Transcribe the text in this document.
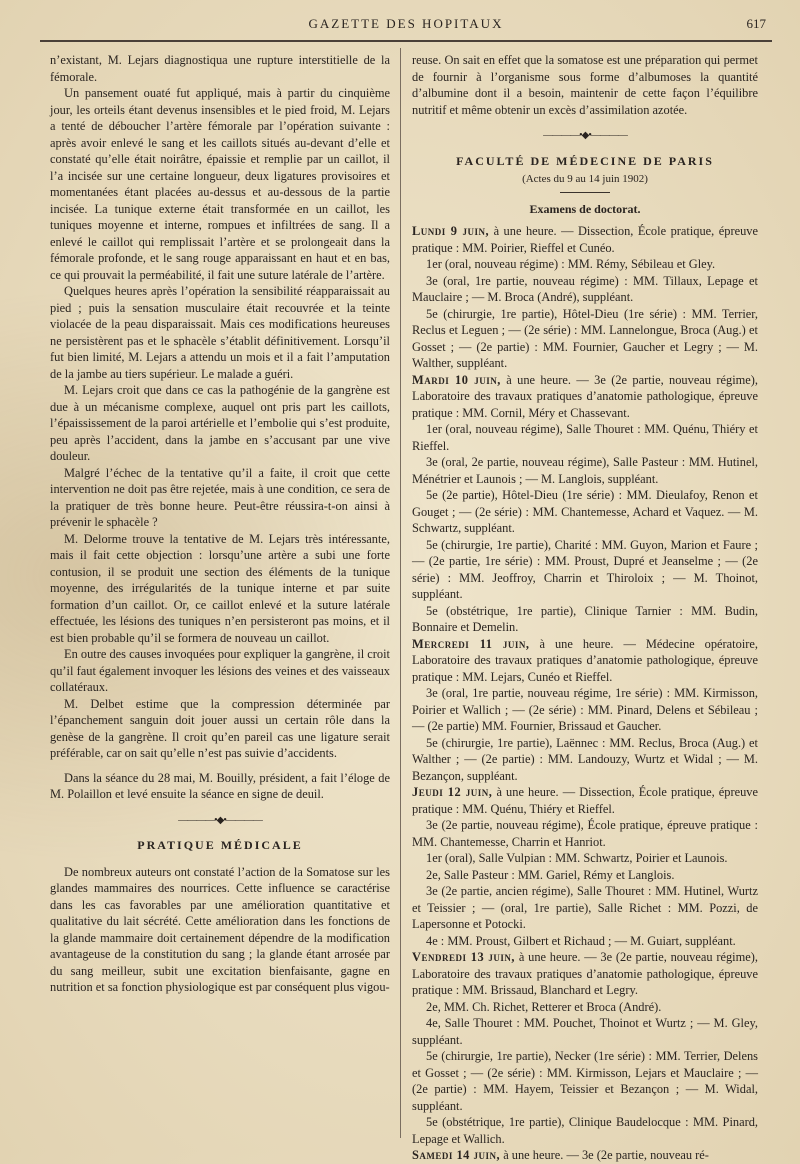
GAZETTE DES HOPITAUX	617

n’existant, M. Lejars diagnostiqua une rupture interstitielle de la fémorale.

Un pansement ouaté fut appliqué, mais à partir du cinquième jour, les orteils étant devenus insensibles et le pied froid, M. Lejars a tenté de déboucher l’artère fémorale par l’opération suivante : après avoir enlevé le sang et les caillots situés au-devant d’elle et constaté qu’elle était noirâtre, épaissie et remplie par un caillot, il l’a incisée sur une certaine longueur, deux ligatures provisoires et momentanées étant placées au-dessus et au-dessous de la partie incisée. La tunique externe était transformée en un caillot, les tuniques moyenne et interne, rompues et infiltrées de sang. Il a enlevé le caillot qui remplissait l’artère et se prolongeait dans la fémorale profonde, et le sang rouge apparaissant en haut et en bas, ce qui prouvait la perméabilité, il fait une suture latérale de l’artère.

Quelques heures après l’opération la sensibilité réapparaissait au pied ; puis la sensation musculaire était recouvrée et la teinte violacée de la peau disparaissait. Mais ces modifications heureuses ne persistèrent pas et le sphacèle s’établit définitivement. Lorsqu’il fut bien limité, M. Lejars a attendu un mois et il a fait l’amputation de la jambe au tiers supérieur. Le malade a guéri.

M. Lejars croit que dans ce cas la pathogénie de la gangrène est due à un mécanisme complexe, auquel ont pris part les caillots, l’épaississement de la paroi artérielle et l’embolie qui s’est produite, peu après l’accident, dans la jambe en s’accusant par une vive douleur.

Malgré l’échec de la tentative qu’il a faite, il croit que cette intervention ne doit pas être rejetée, mais à une condition, ce sera de la pratiquer de très bonne heure. Peut-être réussira-t-on ainsi à prévenir le sphacèle ?

M. Delorme trouve la tentative de M. Lejars très intéressante, mais il fait cette objection : lorsqu’une artère a subi une forte contusion, il se produit une section des éléments de la tunique moyenne, des irrégularités de la tunique interne et par suite formation d’un caillot. Or, ce caillot enlevé et la suture latérale effectuée, les lésions des tuniques n’en persisteront pas moins, et il est bien probable qu’il se formera de nouveau un caillot.

En outre des causes invoquées pour expliquer la gangrène, il croit qu’il faut également invoquer les lésions des veines et des vaisseaux collatéraux.

M. Delbet estime que la compression déterminée par l’épanchement sanguin doit jouer aussi un certain rôle dans la genèse de la gangrène. Il croit qu’en pareil cas une ligature serait préférable, car on sait qu’elle n’est pas suivie d’accidents.

Dans la séance du 28 mai, M. Bouilly, président, a fait l’éloge de M. Polaillon et levé ensuite la séance en signe de deuil.

————•◆•————
PRATIQUE MÉDICALE

De nombreux auteurs ont constaté l’action de la Somatose sur les glandes mammaires des nourrices. Cette influence se caractérise dans les cas favorables par une amélioration quantitative et qualitative du lait sécrété. Cette amélioration dans les fonctions de la glande mammaire doit certainement dépendre de la modification avantageuse de la constitution du sang ; la glande étant arrosée par du sang meilleur, subit une excitation bienfaisante, gagne en nutrition et sa fonction physiologique est par conséquent plus vigou-

reuse. On sait en effet que la somatose est une préparation qui permet de fournir à l’organisme sous forme d’albumoses la quantité d’albumine dont il a besoin, maintenir de cette façon l’équilibre nutritif et même obtenir un excès d’assimilation azotée.

————•◆•————
FACULTÉ DE MÉDECINE DE PARIS
(Actes du 9 au 14 juin 1902)
Examens de doctorat.

Lundi 9 juin, à une heure. — Dissection, École pratique, épreuve pratique : MM. Poirier, Rieffel et Cunéo.

1er (oral, nouveau régime) : MM. Rémy, Sébileau et Gley.

3e (oral, 1re partie, nouveau régime) : MM. Tillaux, Lepage et Mauclaire ; — M. Broca (André), suppléant.

5e (chirurgie, 1re partie), Hôtel-Dieu (1re série) : MM. Terrier, Reclus et Leguen ; — (2e série) : MM. Lannelongue, Broca (Aug.) et Gosset ; — (2e partie) : MM. Fournier, Gaucher et Legry ; — M. Walther, suppléant.

Mardi 10 juin, à une heure. — 3e (2e partie, nouveau régime), Laboratoire des travaux pratiques d’anatomie pathologique, épreuve pratique : MM. Cornil, Méry et Chassevant.

1er (oral, nouveau régime), Salle Thouret : MM. Quénu, Thiéry et Rieffel.

3e (oral, 2e partie, nouveau régime), Salle Pasteur : MM. Hutinel, Ménétrier et Launois ; — M. Langlois, suppléant.

5e (2e partie), Hôtel-Dieu (1re série) : MM. Dieulafoy, Renon et Gouget ; — (2e série) : MM. Chantemesse, Achard et Vaquez. — M. Schwartz, suppléant.

5e (chirurgie, 1re partie), Charité : MM. Guyon, Marion et Faure ; — (2e partie, 1re série) : MM. Proust, Dupré et Jeanselme ; — (2e série) : MM. Jeoffroy, Charrin et Thiroloix ; — M. Thoinot, suppléant.

5e (obstétrique, 1re partie), Clinique Tarnier : MM. Budin, Bonnaire et Demelin.

Mercredi 11 juin, à une heure. — Médecine opératoire, Laboratoire des travaux pratiques d’anatomie pathologique, épreuve pratique : MM. Lejars, Cunéo et Rieffel.

3e (oral, 1re partie, nouveau régime, 1re série) : MM. Kirmisson, Poirier et Wallich ; — (2e série) : MM. Pinard, Delens et Sébileau ; — (2e partie) MM. Fournier, Brissaud et Gaucher.

5e (chirurgie, 1re partie), Laënnec : MM. Reclus, Broca (Aug.) et Walther ; — (2e partie) : MM. Landouzy, Wurtz et Widal ; — M. Bezançon, suppléant.

Jeudi 12 juin, à une heure. — Dissection, École pratique, épreuve pratique : MM. Quénu, Thiéry et Rieffel.

3e (2e partie, nouveau régime), École pratique, épreuve pratique : MM. Chantemesse, Charrin et Hanriot.

1er (oral), Salle Vulpian : MM. Schwartz, Poirier et Launois.

2e, Salle Pasteur : MM. Gariel, Rémy et Langlois.

3e (2e partie, ancien régime), Salle Thouret : MM. Hutinel, Wurtz et Teissier ; — (oral, 1re partie), Salle Richet : MM. Pozzi, de Lapersonne et Potocki.

4e : MM. Proust, Gilbert et Richaud ; — M. Guiart, suppléant.

Vendredi 13 juin, à une heure. — 3e (2e partie, nouveau régime), Laboratoire des travaux pratiques d’anatomie pathologique, épreuve pratique : MM. Brissaud, Blanchard et Legry.

2e, MM. Ch. Richet, Retterer et Broca (André).

4e, Salle Thouret : MM. Pouchet, Thoinot et Wurtz ; — M. Gley, suppléant.

5e (chirurgie, 1re partie), Necker (1re série) : MM. Terrier, Delens et Gosset ; — (2e série) : MM. Kirmisson, Lejars et Mauclaire ; — (2e partie) : MM. Hayem, Teissier et Bezançon ; — M. Widal, suppléant.

5e (obstétrique, 1re partie), Clinique Baudelocque : MM. Pinard, Lepage et Wallich.

Samedi 14 juin, à une heure. — 3e (2e partie, nouveau ré-
